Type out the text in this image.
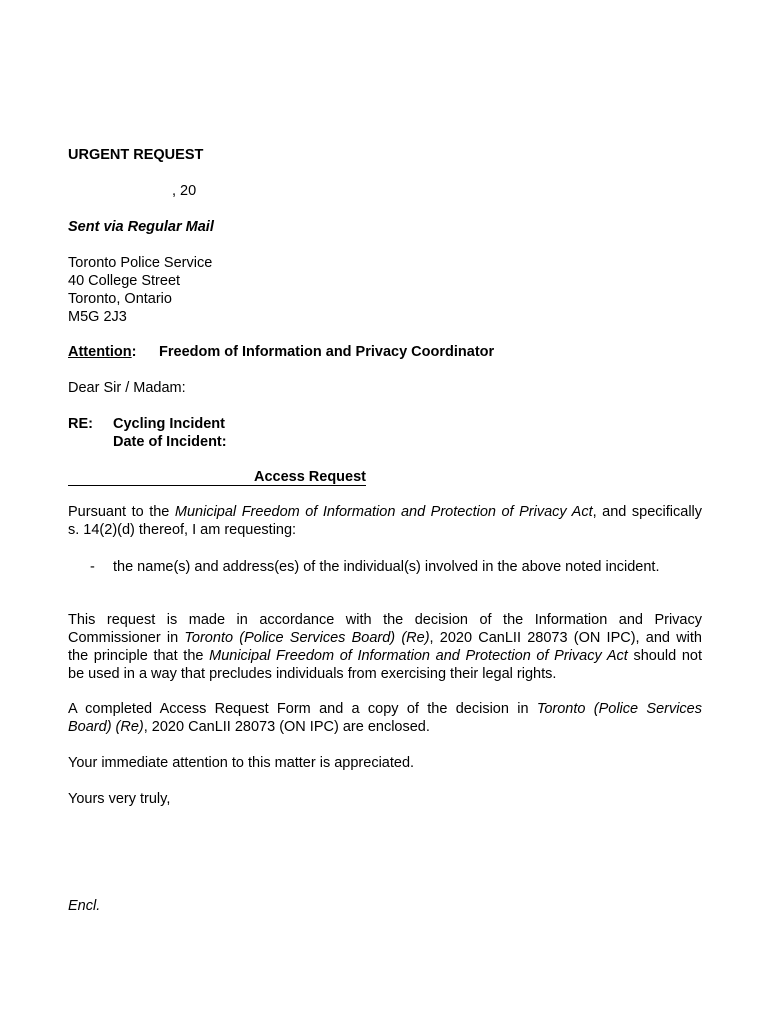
URGENT REQUEST
, 20
Sent via Regular Mail
Toronto Police Service
40 College Street
Toronto, Ontario
M5G 2J3
Attention: Freedom of Information and Privacy Coordinator
Dear Sir / Madam:
RE: Cycling Incident
Date of Incident:
Access Request
Pursuant to the Municipal Freedom of Information and Protection of Privacy Act, and specifically
s. 14(2)(d) thereof, I am requesting:
- the name(s) and address(es) of the individual(s) involved in the above noted incident.
This request is made in accordance with the decision of the Information and Privacy
Commissioner in Toronto (Police Services Board) (Re), 2020 CanLII 28073 (ON IPC), and with
the principle that the Municipal Freedom of Information and Protection of Privacy Act should not
be used in a way that precludes individuals from exercising their legal rights.
A completed Access Request Form and a copy of the decision in Toronto (Police Services
Board) (Re), 2020 CanLII 28073 (ON IPC) are enclosed.
Your immediate attention to this matter is appreciated.
Yours very truly,
Encl.
